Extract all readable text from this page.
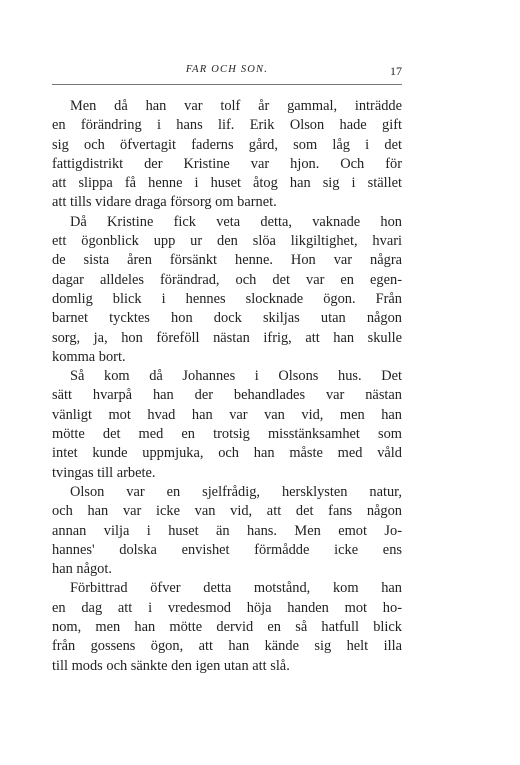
FAR OCH SON.	17
Men då han var tolf år gammal, inträdde
en förändring i hans lif. Erik Olson hade gift
sig och öfvertagit faderns gård, som låg i det
fattigdistrikt der Kristine var hjon. Och för
att slippa få henne i huset åtog han sig i stället
att tills vidare draga försorg om barnet.
Då Kristine fick veta detta, vaknade hon
ett ögonblick upp ur den slöa likgiltighet, hvari
de sista åren försänkt henne. Hon var några
dagar alldeles förändrad, och det var en egen-
domlig blick i hennes slocknade ögon. Från
barnet tycktes hon dock skiljas utan någon
sorg, ja, hon föreföll nästan ifrig, att han skulle
komma bort.
Så kom då Johannes i Olsons hus. Det
sätt hvarpå han der behandlades var nästan
vänligt mot hvad han var van vid, men han
mötte det med en trotsig misstänksamhet som
intet kunde uppmjuka, och han måste med våld
tvingas till arbete.
Olson var en sjelfrådig, hersklysten natur,
och han var icke van vid, att det fans någon
annan vilja i huset än hans. Men emot Jo-
hannes' dolska envishet förmådde icke ens
han något.
Förbittrad öfver detta motstånd, kom han
en dag att i vredesmod höja handen mot ho-
nom, men han mötte dervid en så hatfull blick
från gossens ögon, att han kände sig helt illa
till mods och sänkte den igen utan att slå.
